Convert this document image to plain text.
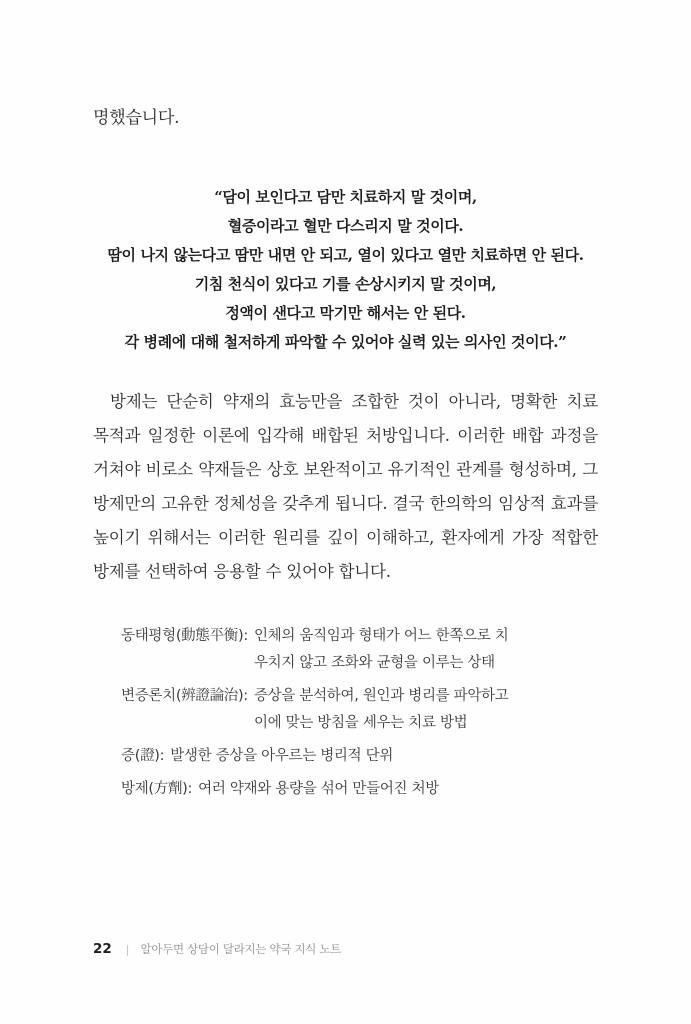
명했습니다.

“담이 보인다고 담만 치료하지 말 것이며,
혈증이라고 혈만 다스리지 말 것이다.
땀이 나지 않는다고 땀만 내면 안 되고, 열이 있다고 열만 치료하면 안 된다.
기침 천식이 있다고 기를 손상시키지 말 것이며,
정액이 샌다고 막기만 해서는 안 된다.
각 병례에 대해 철저하게 파악할 수 있어야 실력 있는 의사인 것이다.”

방제는 단순히 약재의 효능만을 조합한 것이 아니라, 명확한 치료 목적과 일정한 이론에 입각해 배합된 처방입니다. 이러한 배합 과정을 거쳐야 비로소 약재들은 상호 보완적이고 유기적인 관계를 형성하며, 그 방제만의 고유한 정체성을 갖추게 됩니다. 결국 한의학의 임상적 효과를 높이기 위해서는 이러한 원리를 깊이 이해하고, 환자에게 가장 적합한 방제를 선택하여 응용할 수 있어야 합니다.

동태평형(動態平衡): 인체의 움직임과 형태가 어느 한쪽으로 치
우치지 않고 조화와 균형을 이루는 상태
변증론치(辨證論治): 증상을 분석하여, 원인과 병리를 파악하고
이에 맞는 방침을 세우는 치료 방법
증(證): 발생한 증상을 아우르는 병리적 단위
방제(方劑): 여러 약재와 용량을 섞어 만들어진 처방
22 | 알아두면 상담이 달라지는 약국 지식 노트
